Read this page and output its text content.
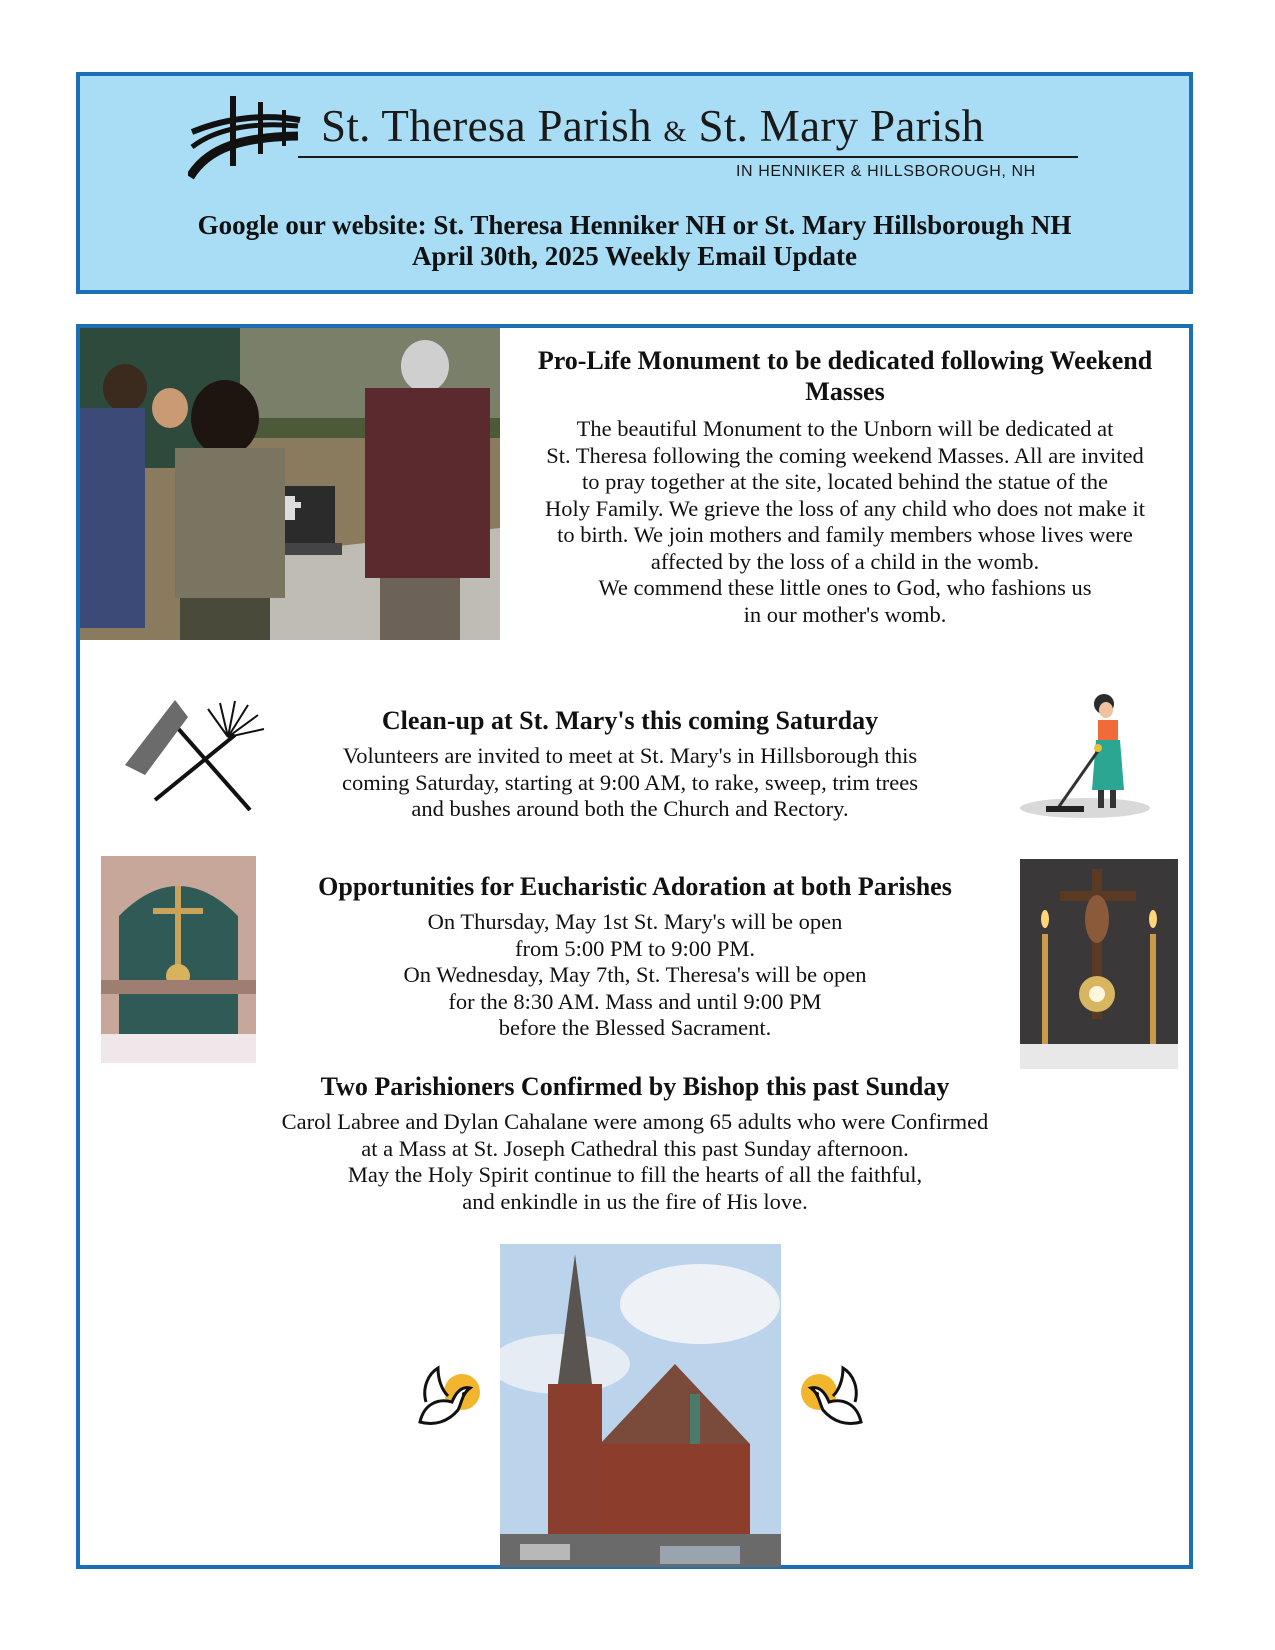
St. Theresa Parish & St. Mary Parish
IN HENNIKER & HILLSBOROUGH, NH
Google our website: St. Theresa Henniker NH or St. Mary Hillsborough NH
April 30th, 2025 Weekly Email Update
Pro-Life Monument to be dedicated following Weekend Masses
The beautiful Monument to the Unborn will be dedicated at
St. Theresa following the coming weekend Masses. All are invited
to pray together at the site, located behind the statue of the
Holy Family. We grieve the loss of any child who does not make it
to birth. We join mothers and family members whose lives were
affected by the loss of a child in the womb.
We commend these little ones to God, who fashions us
in our mother's womb.
Clean-up at St. Mary's this coming Saturday
Volunteers are invited to meet at St. Mary's in Hillsborough this
coming Saturday, starting at 9:00 AM, to rake, sweep, trim trees
and bushes around both the Church and Rectory.
Opportunities for Eucharistic Adoration at both Parishes
On Thursday, May 1st St. Mary's will be open
from 5:00 PM to 9:00 PM.
On Wednesday, May 7th, St. Theresa's will be open
for the 8:30 AM. Mass and until 9:00 PM
before the Blessed Sacrament.
Two Parishioners Confirmed by Bishop this past Sunday
Carol Labree and Dylan Cahalane were among 65 adults who were Confirmed
at a Mass at St. Joseph Cathedral this past Sunday afternoon.
May the Holy Spirit continue to fill the hearts of all the faithful,
and enkindle in us the fire of His love.
